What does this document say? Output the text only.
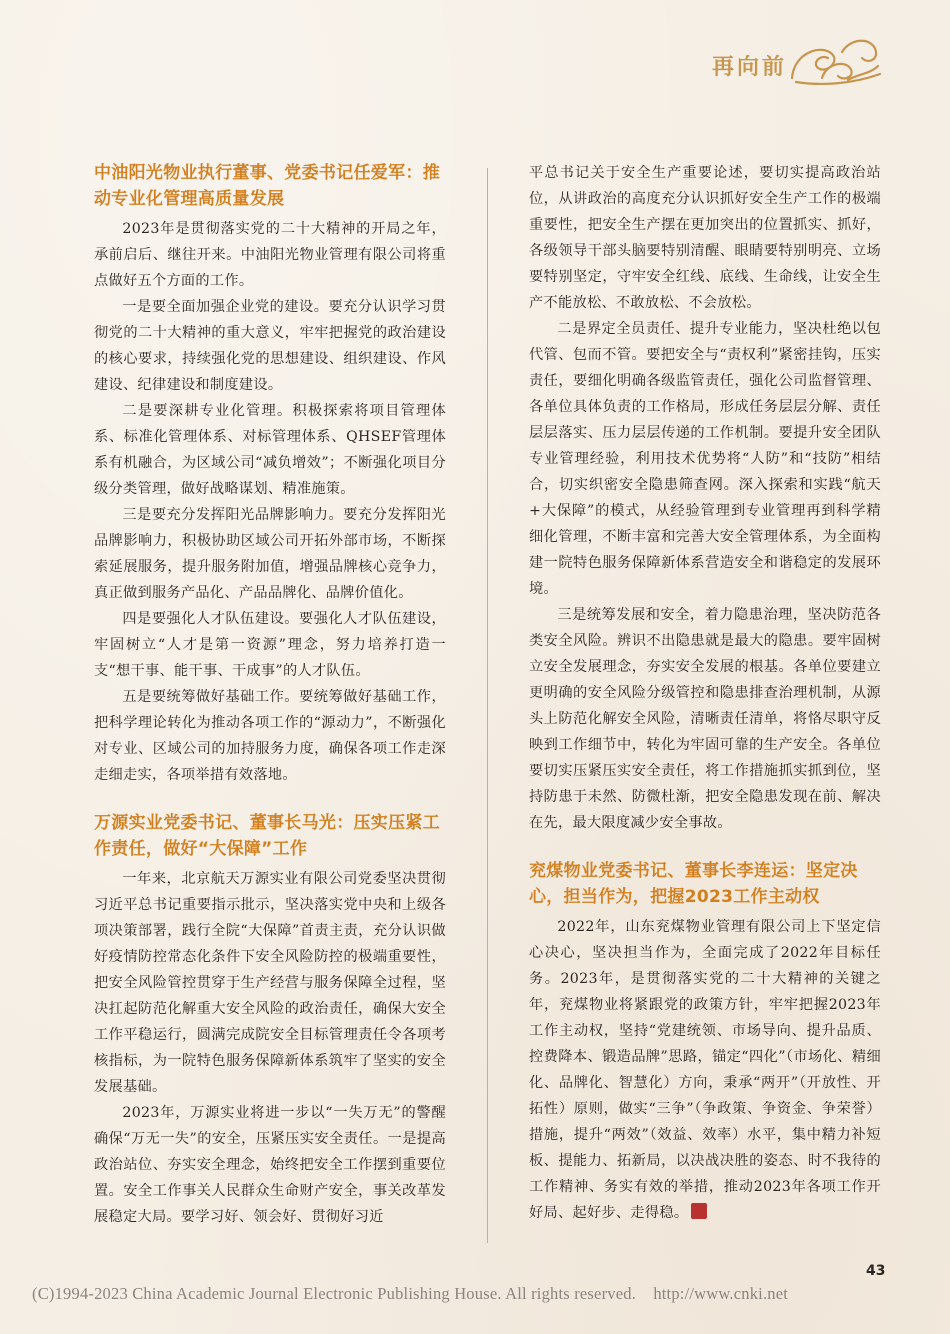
再向前
中油阳光物业执行董事、党委书记任爱军：推动专业化管理高质量发展

2023年是贯彻落实党的二十大精神的开局之年，承前启后、继往开来。中油阳光物业管理有限公司将重点做好五个方面的工作。

一是要全面加强企业党的建设。要充分认识学习贯彻党的二十大精神的重大意义，牢牢把握党的政治建设的核心要求，持续强化党的思想建设、组织建设、作风建设、纪律建设和制度建设。

二是要深耕专业化管理。积极探索将项目管理体系、标准化管理体系、对标管理体系、QHSEF管理体系有机融合，为区域公司“减负增效”；不断强化项目分级分类管理，做好战略谋划、精准施策。

三是要充分发挥阳光品牌影响力。要充分发挥阳光品牌影响力，积极协助区域公司开拓外部市场，不断探索延展服务，提升服务附加值，增强品牌核心竞争力，真正做到服务产品化、产品品牌化、品牌价值化。

四是要强化人才队伍建设。要强化人才队伍建设，牢固树立“人才是第一资源”理念，努力培养打造一支“想干事、能干事、干成事”的人才队伍。

五是要统筹做好基础工作。要统筹做好基础工作，把科学理论转化为推动各项工作的“源动力”，不断强化对专业、区域公司的加持服务力度，确保各项工作走深走细走实，各项举措有效落地。

万源实业党委书记、董事长马光：压实压紧工作责任，做好“大保障”工作

一年来，北京航天万源实业有限公司党委坚决贯彻习近平总书记重要指示批示，坚决落实党中央和上级各项决策部署，践行全院“大保障”首责主责，充分认识做好疫情防控常态化条件下安全风险防控的极端重要性，把安全风险管控贯穿于生产经营与服务保障全过程，坚决扛起防范化解重大安全风险的政治责任，确保大安全工作平稳运行，圆满完成院安全目标管理责任令各项考核指标，为一院特色服务保障新体系筑牢了坚实的安全发展基础。

2023年，万源实业将进一步以“一失万无”的警醒确保“万无一失”的安全，压紧压实安全责任。一是提高政治站位、夯实安全理念，始终把安全工作摆到重要位置。安全工作事关人民群众生命财产安全，事关改革发展稳定大局。要学习好、领会好、贯彻好习近

平总书记关于安全生产重要论述，要切实提高政治站位，从讲政治的高度充分认识抓好安全生产工作的极端重要性，把安全生产摆在更加突出的位置抓实、抓好，各级领导干部头脑要特别清醒、眼睛要特别明亮、立场要特别坚定，守牢安全红线、底线、生命线，让安全生产不能放松、不敢放松、不会放松。

二是界定全员责任、提升专业能力，坚决杜绝以包代管、包而不管。要把安全与“责权利”紧密挂钩，压实责任，要细化明确各级监管责任，强化公司监督管理、各单位具体负责的工作格局，形成任务层层分解、责任层层落实、压力层层传递的工作机制。要提升安全团队专业管理经验，利用技术优势将“人防”和“技防”相结合，切实织密安全隐患筛查网。深入探索和实践“航天+大保障”的模式，从经验管理到专业管理再到科学精细化管理，不断丰富和完善大安全管理体系，为全面构建一院特色服务保障新体系营造安全和谐稳定的发展环境。

三是统筹发展和安全，着力隐患治理，坚决防范各类安全风险。辨识不出隐患就是最大的隐患。要牢固树立安全发展理念，夯实安全发展的根基。各单位要建立更明确的安全风险分级管控和隐患排查治理机制，从源头上防范化解安全风险，清晰责任清单，将恪尽职守反映到工作细节中，转化为牢固可靠的生产安全。各单位要切实压紧压实安全责任，将工作措施抓实抓到位，坚持防患于未然、防微杜渐，把安全隐患发现在前、解决在先，最大限度减少安全事故。

兖煤物业党委书记、董事长李连运：坚定决心，担当作为，把握2023工作主动权

2022年，山东兖煤物业管理有限公司上下坚定信心决心，坚决担当作为，全面完成了2022年目标任务。2023年，是贯彻落实党的二十大精神的关键之年，兖煤物业将紧跟党的政策方针，牢牢把握2023年工作主动权，坚持“党建统领、市场导向、提升品质、控费降本、锻造品牌”思路，锚定“四化”（市场化、精细化、品牌化、智慧化）方向，秉承“两开”（开放性、开拓性）原则，做实“三争”（争政策、争资金、争荣誉）措施，提升“两效”（效益、效率）水平，集中精力补短板、提能力、拓新局，以决战决胜的姿态、时不我待的工作精神、务实有效的举措，推动2023年各项工作开好局、起好步、走得稳。

43
(C)1994-2023 China Academic Journal Electronic Publishing House. All rights reserved.    http://www.cnki.net
